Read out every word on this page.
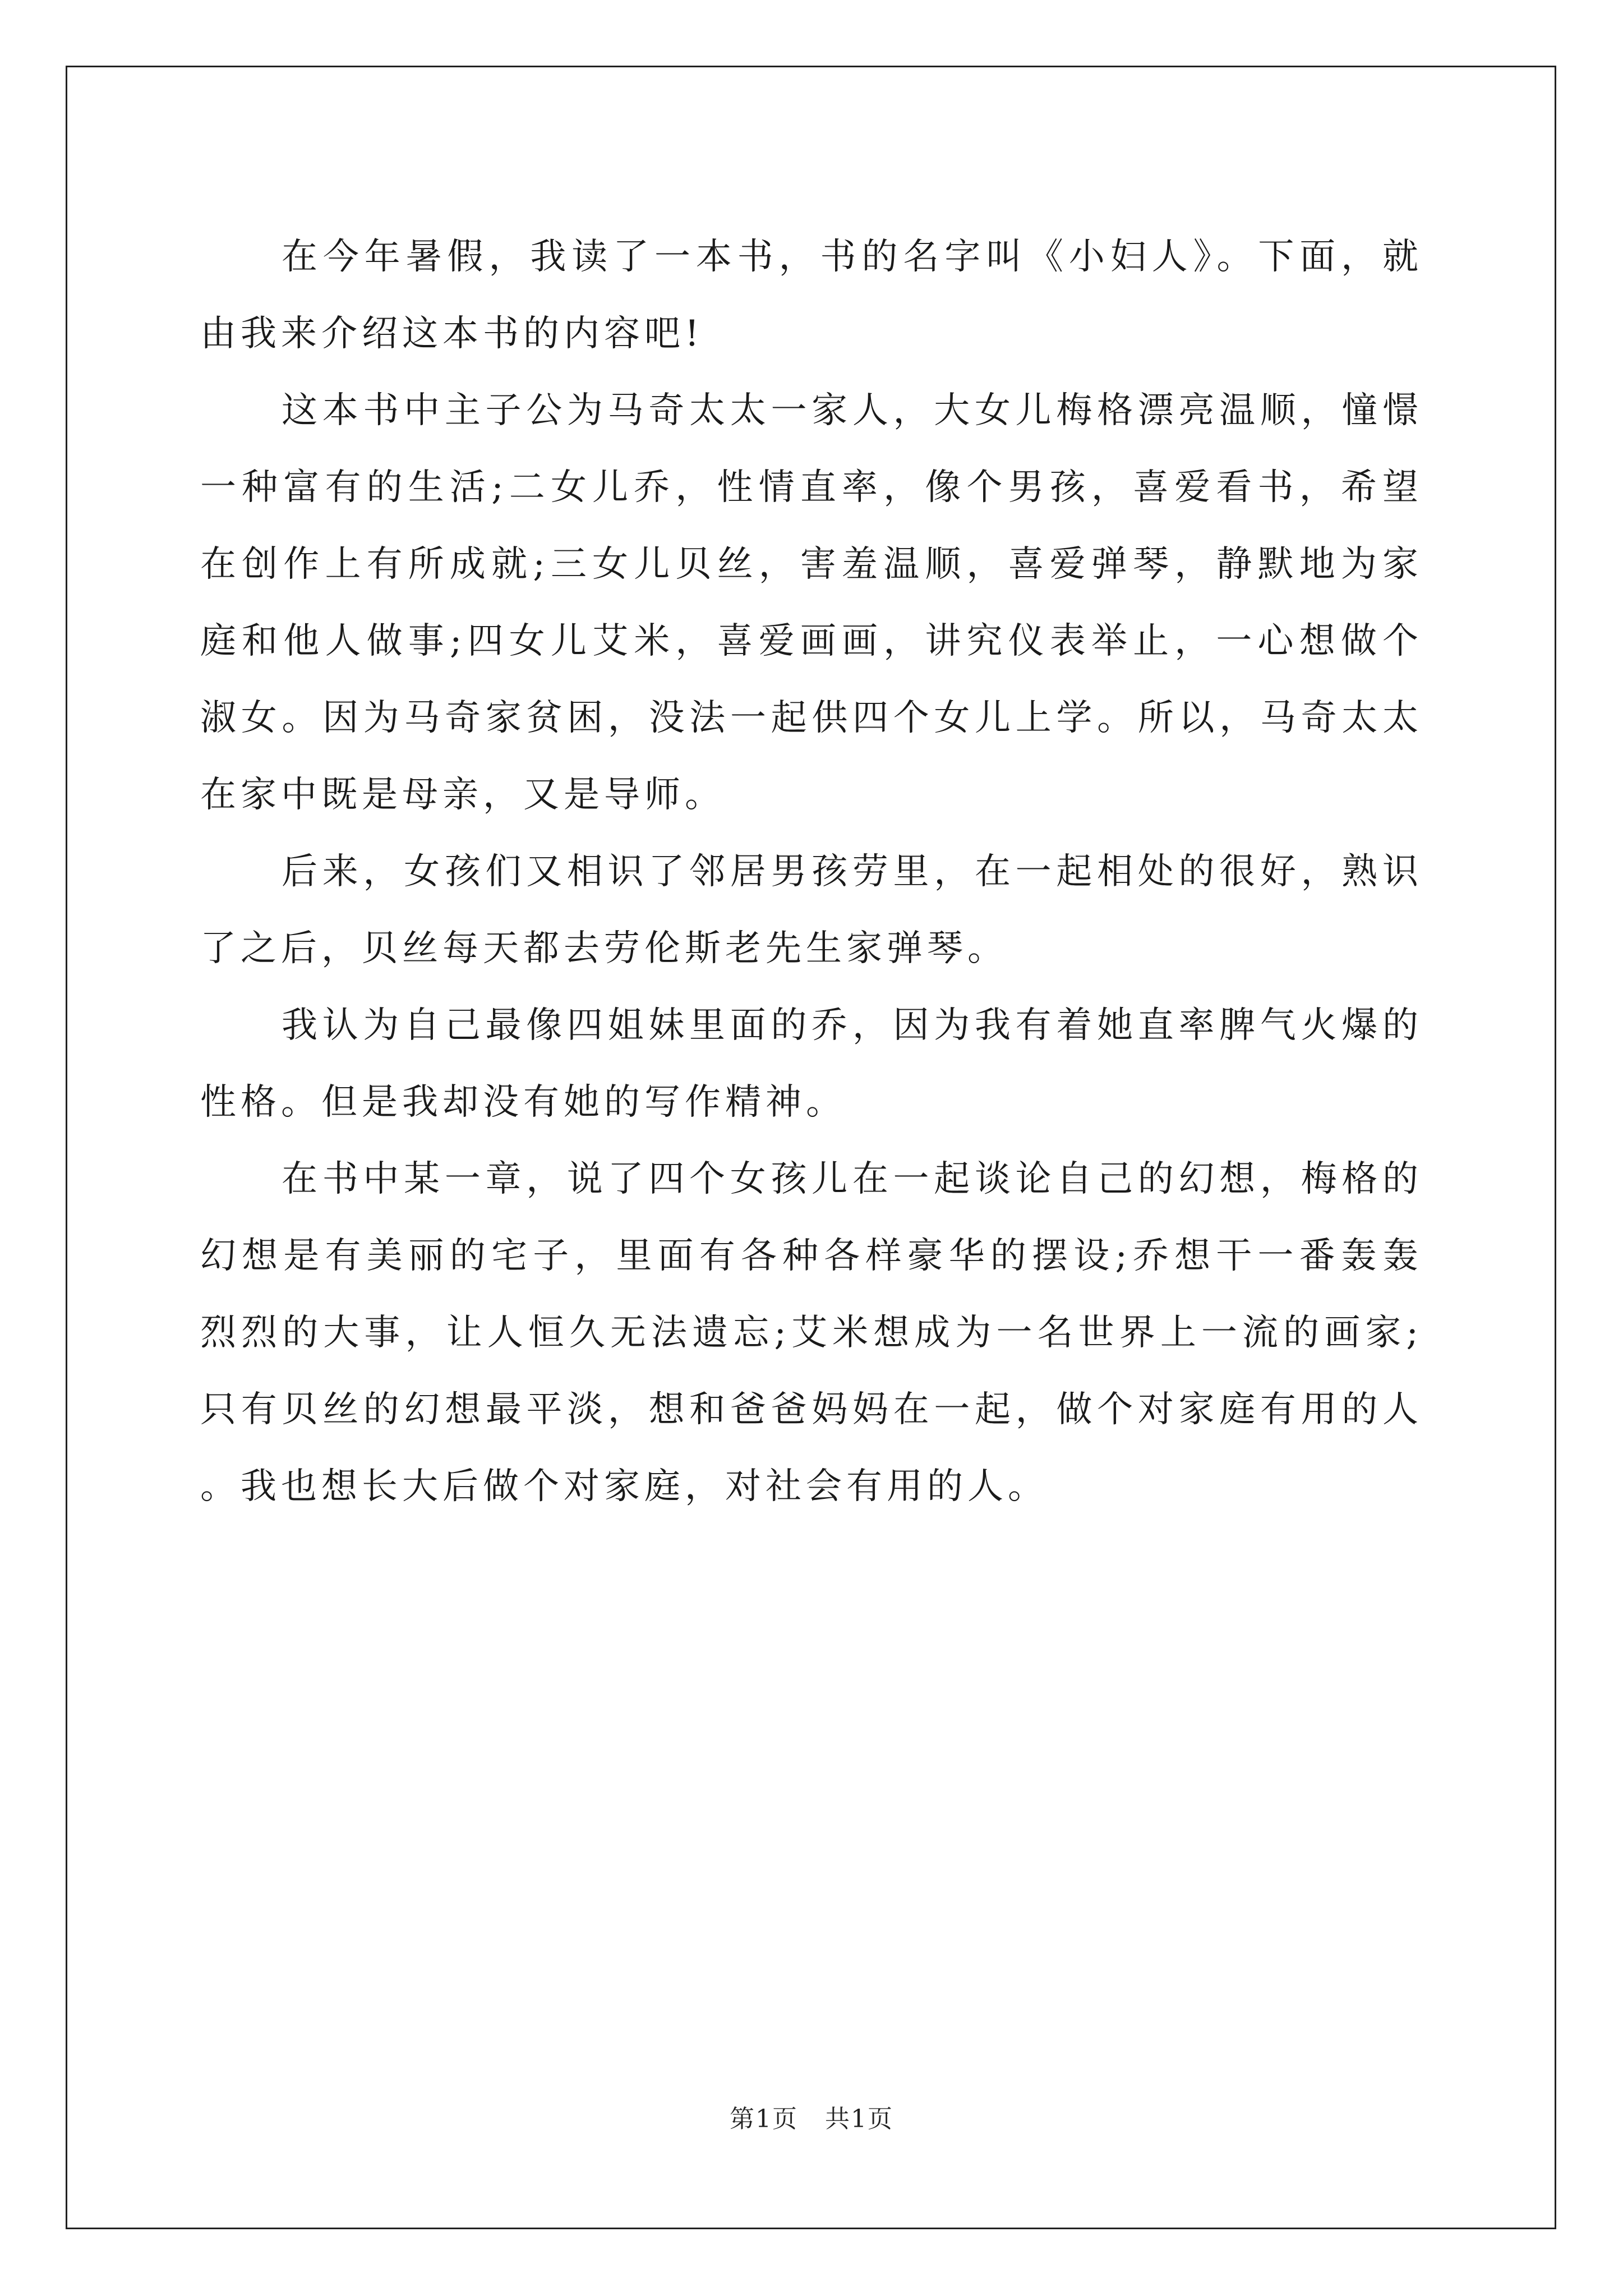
在今年暑假，我读了一本书，书的名字叫《小妇人》。下面，就由我来介绍这本书的内容吧!

这本书中主子公为马奇太太一家人，大女儿梅格漂亮温顺，憧憬一种富有的生活;二女儿乔，性情直率，像个男孩，喜爱看书，希望在创作上有所成就;三女儿贝丝，害羞温顺，喜爱弹琴，静默地为家庭和他人做事;四女儿艾米，喜爱画画，讲究仪表举止，一心想做个淑女。因为马奇家贫困，没法一起供四个女儿上学。所以，马奇太太在家中既是母亲，又是导师。

后来，女孩们又相识了邻居男孩劳里，在一起相处的很好，熟识了之后，贝丝每天都去劳伦斯老先生家弹琴。

我认为自己最像四姐妹里面的乔，因为我有着她直率脾气火爆的性格。但是我却没有她的写作精神。

在书中某一章，说了四个女孩儿在一起谈论自己的幻想，梅格的幻想是有美丽的宅子，里面有各种各样豪华的摆设;乔想干一番轰轰烈烈的大事，让人恒久无法遗忘;艾米想成为一名世界上一流的画家;只有贝丝的幻想最平淡，想和爸爸妈妈在一起，做个对家庭有用的人。我也想长大后做个对家庭，对社会有用的人。

第1页 共1页
